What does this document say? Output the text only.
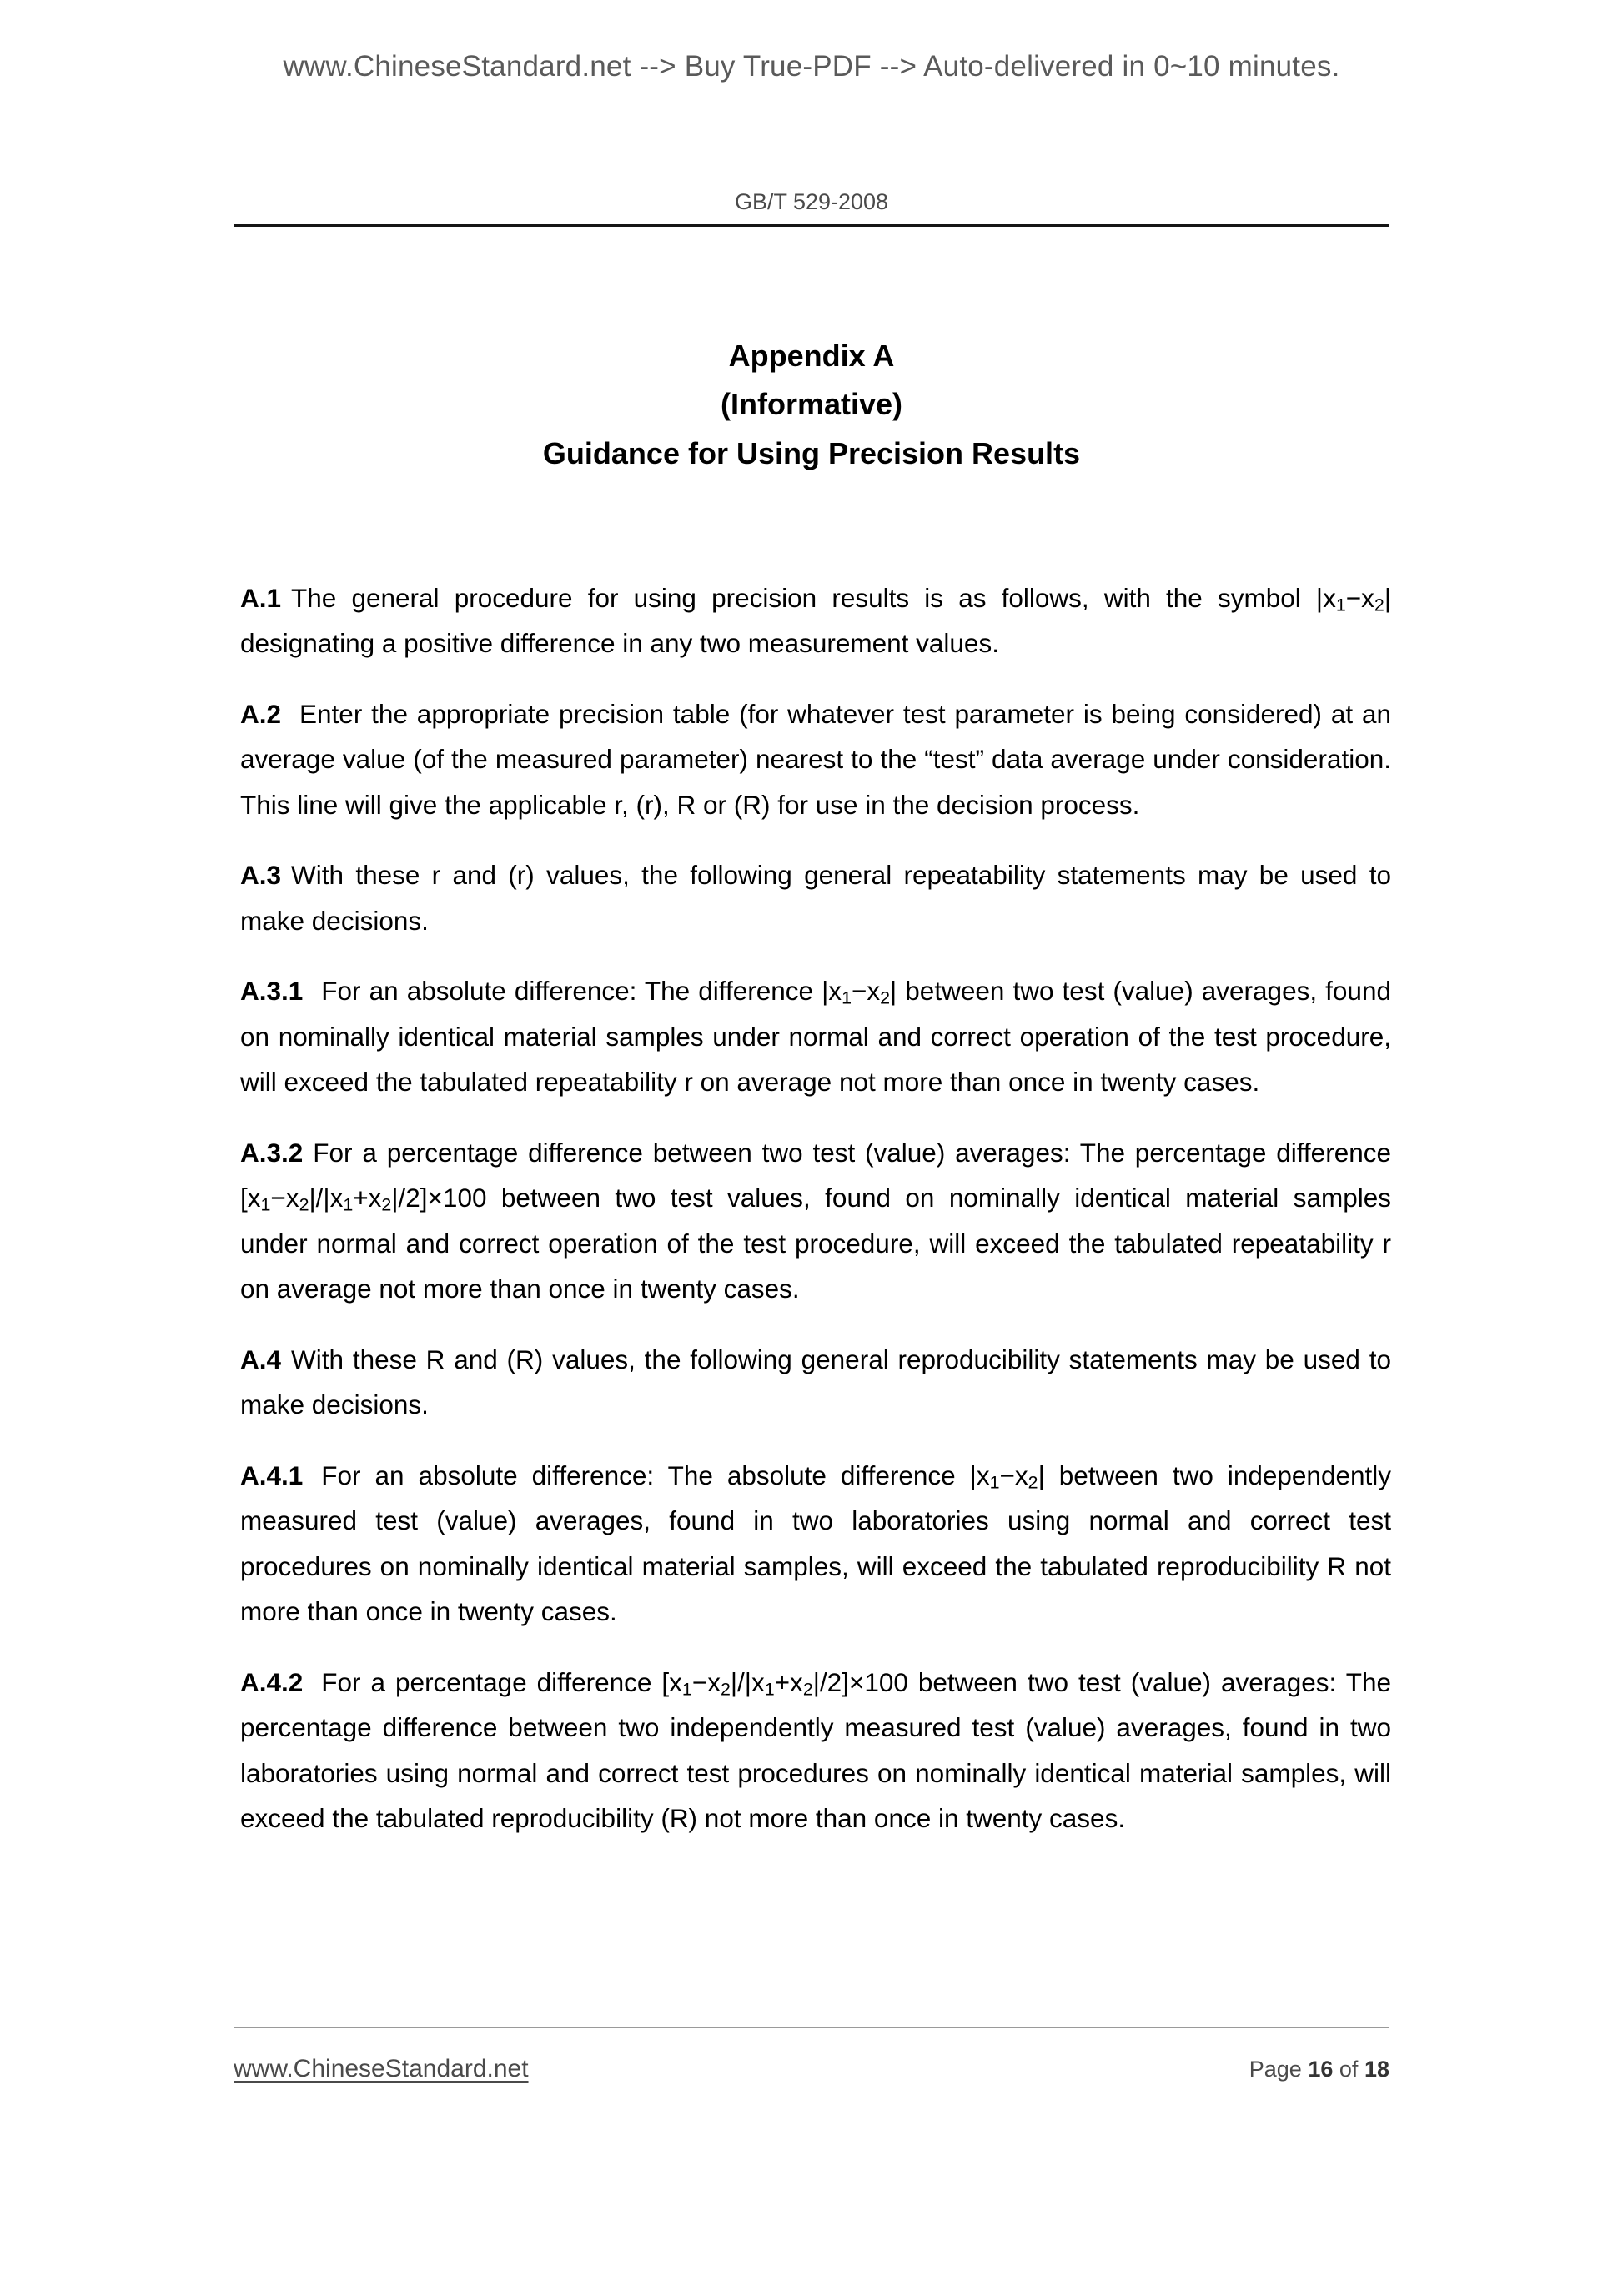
www.ChineseStandard.net --> Buy True-PDF --> Auto-delivered in 0~10 minutes.
GB/T 529-2008
Appendix A
(Informative)
Guidance for Using Precision Results

A.1 The general procedure for using precision results is as follows, with the symbol $|x_1-x_2|$ designating a positive difference in any two measurement values.

A.2 Enter the appropriate precision table (for whatever test parameter is being considered) at an average value (of the measured parameter) nearest to the “test” data average under consideration. This line will give the applicable r, (r), R or (R) for use in the decision process.

A.3 With these r and (r) values, the following general repeatability statements may be used to make decisions.

A.3.1 For an absolute difference: The difference $|x_1-x_2|$ between two test (value) averages, found on nominally identical material samples under normal and correct operation of the test procedure, will exceed the tabulated repeatability r on average not more than once in twenty cases.

A.3.2 For a percentage difference between two test (value) averages: The percentage difference $[x_1-x_2|/|x_1+x_2|/2]\times 100$ between two test values, found on nominally identical material samples under normal and correct operation of the test procedure, will exceed the tabulated repeatability r on average not more than once in twenty cases.

A.4 With these R and (R) values, the following general reproducibility statements may be used to make decisions.

A.4.1 For an absolute difference: The absolute difference $|x_1-x_2|$ between two independently measured test (value) averages, found in two laboratories using normal and correct test procedures on nominally identical material samples, will exceed the tabulated reproducibility R not more than once in twenty cases.

A.4.2 For a percentage difference $[x_1-x_2|/|x_1+x_2|/2]\times 100$ between two test (value) averages: The percentage difference between two independently measured test (value) averages, found in two laboratories using normal and correct test procedures on nominally identical material samples, will exceed the tabulated reproducibility (R) not more than once in twenty cases.

www.ChineseStandard.net	Page 16 of 18
